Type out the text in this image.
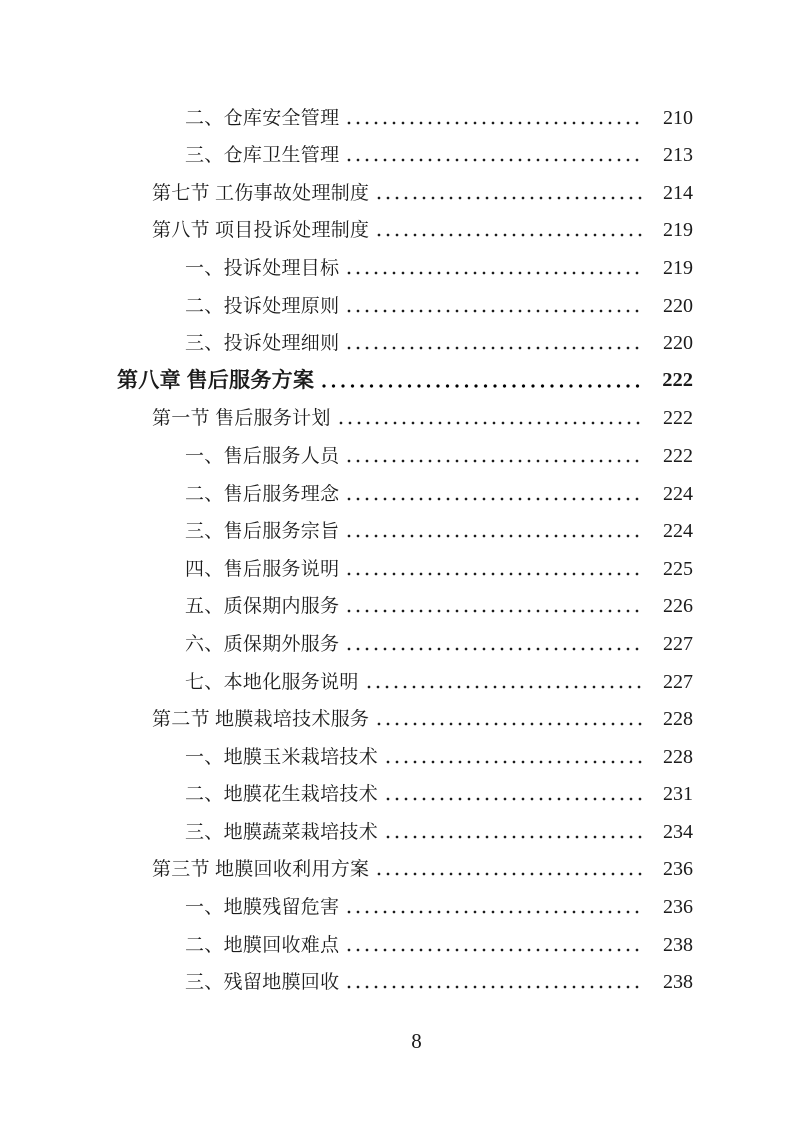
二、仓库安全管理	210
三、仓库卫生管理	213
第七节 工伤事故处理制度	214
第八节 项目投诉处理制度	219
一、投诉处理目标	219
二、投诉处理原则	220
三、投诉处理细则	220
第八章 售后服务方案	222
第一节 售后服务计划	222
一、售后服务人员	222
二、售后服务理念	224
三、售后服务宗旨	224
四、售后服务说明	225
五、质保期内服务	226
六、质保期外服务	227
七、本地化服务说明	227
第二节 地膜栽培技术服务	228
一、地膜玉米栽培技术	228
二、地膜花生栽培技术	231
三、地膜蔬菜栽培技术	234
第三节 地膜回收利用方案	236
一、地膜残留危害	236
二、地膜回收难点	238
三、残留地膜回收	238
8
